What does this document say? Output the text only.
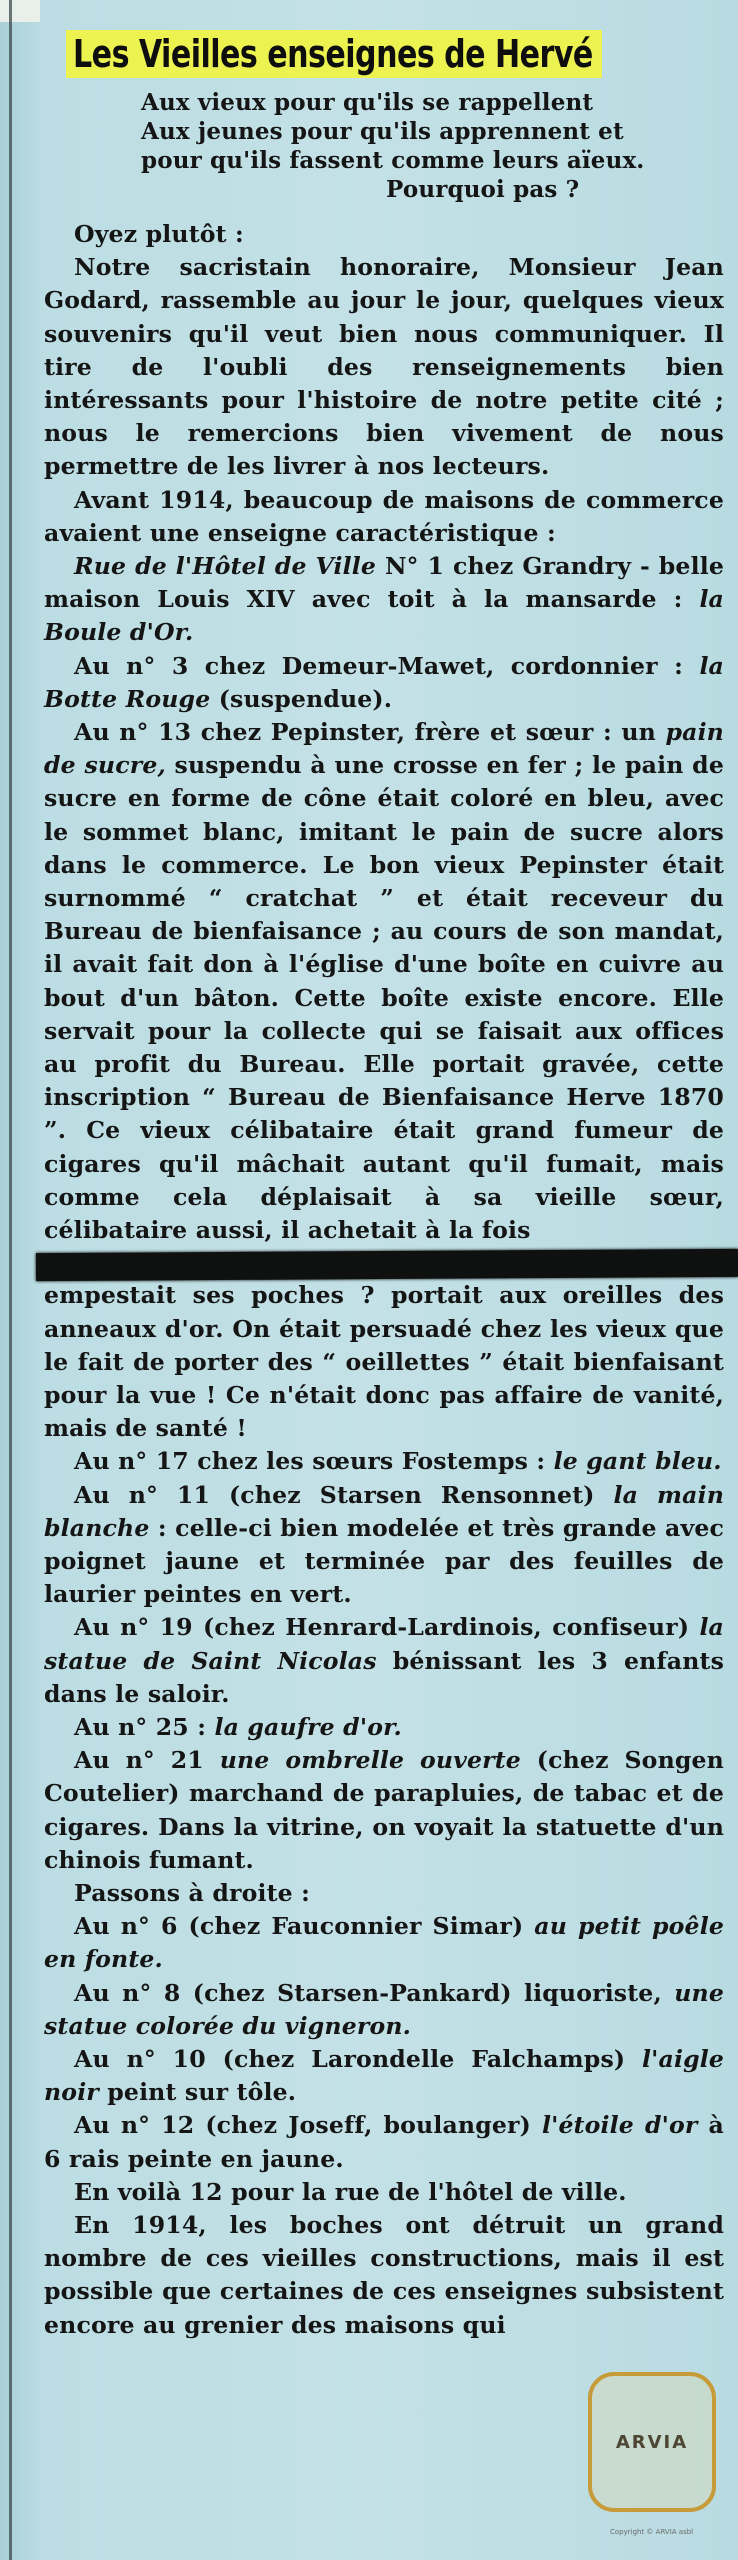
Les Vieilles enseignes de Hervé
Aux vieux pour qu'ils se rappellent
Aux jeunes pour qu'ils apprennent et
pour qu'ils fassent comme leurs aïeux.
Pourquoi pas ?

Oyez plutôt :

Notre sacristain honoraire, Monsieur Jean Godard, rassemble au jour le jour, quelques vieux souvenirs qu'il veut bien nous communiquer. Il tire de l'oubli des renseignements bien intéressants pour l'histoire de notre petite cité ; nous le remercions bien vivement de nous permettre de les livrer à nos lecteurs.

Avant 1914, beaucoup de maisons de commerce avaient une enseigne caractéristique :

Rue de l'Hôtel de Ville N° 1 chez Grandry - belle maison Louis XIV avec toit à la mansarde : la Boule d'Or.

Au n° 3 chez Demeur-Mawet, cordonnier : la Botte Rouge (suspendue).

Au n° 13 chez Pepinster, frère et sœur : un pain de sucre, suspendu à une crosse en fer ; le pain de sucre en forme de cône était coloré en bleu, avec le sommet blanc, imitant le pain de sucre alors dans le commerce. Le bon vieux Pepinster était surnommé “ cratchat ” et était receveur du Bureau de bienfaisance ; au cours de son mandat, il avait fait don à l'église d'une boîte en cuivre au bout d'un bâton. Cette boîte existe encore. Elle servait pour la collecte qui se faisait aux offices au profit du Bureau. Elle portait gravée, cette inscription “ Bureau de Bienfaisance Herve 1870 ”. Ce vieux célibataire était grand fumeur de cigares qu'il mâchait autant qu'il fumait, mais comme cela déplaisait à sa vieille sœur, célibataire aussi, il achetait à la fois

empestait ses poches ? portait aux oreilles des anneaux d'or. On était persuadé chez les vieux que le fait de porter des “ oeillettes ” était bienfaisant pour la vue ! Ce n'était donc pas affaire de vanité, mais de santé !

Au n° 17 chez les sœurs Fostemps : le gant bleu.

Au n° 11 (chez Starsen Rensonnet) la main blanche : celle-ci bien modelée et très grande avec poignet jaune et terminée par des feuilles de laurier peintes en vert.

Au n° 19 (chez Henrard-Lardinois, confiseur) la statue de Saint Nicolas bénissant les 3 enfants dans le saloir.

Au n° 25 : la gaufre d'or.

Au n° 21 une ombrelle ouverte (chez Songen Coutelier) marchand de parapluies, de tabac et de cigares. Dans la vitrine, on voyait la statuette d'un chinois fumant.

Passons à droite :

Au n° 6 (chez Fauconnier Simar) au petit poêle en fonte.

Au n° 8 (chez Starsen-Pankard) liquoriste, une statue colorée du vigneron.

Au n° 10 (chez Larondelle Falchamps) l'aigle noir peint sur tôle.

Au n° 12 (chez Joseff, boulanger) l'étoile d'or à 6 rais peinte en jaune.

En voilà 12 pour la rue de l'hôtel de ville.

En 1914, les boches ont détruit un grand nombre de ces vieilles constructions, mais il est possible que certaines de ces enseignes subsistent encore au grenier des maisons qui

ARVIA
Copyright © ARVIA asbl
